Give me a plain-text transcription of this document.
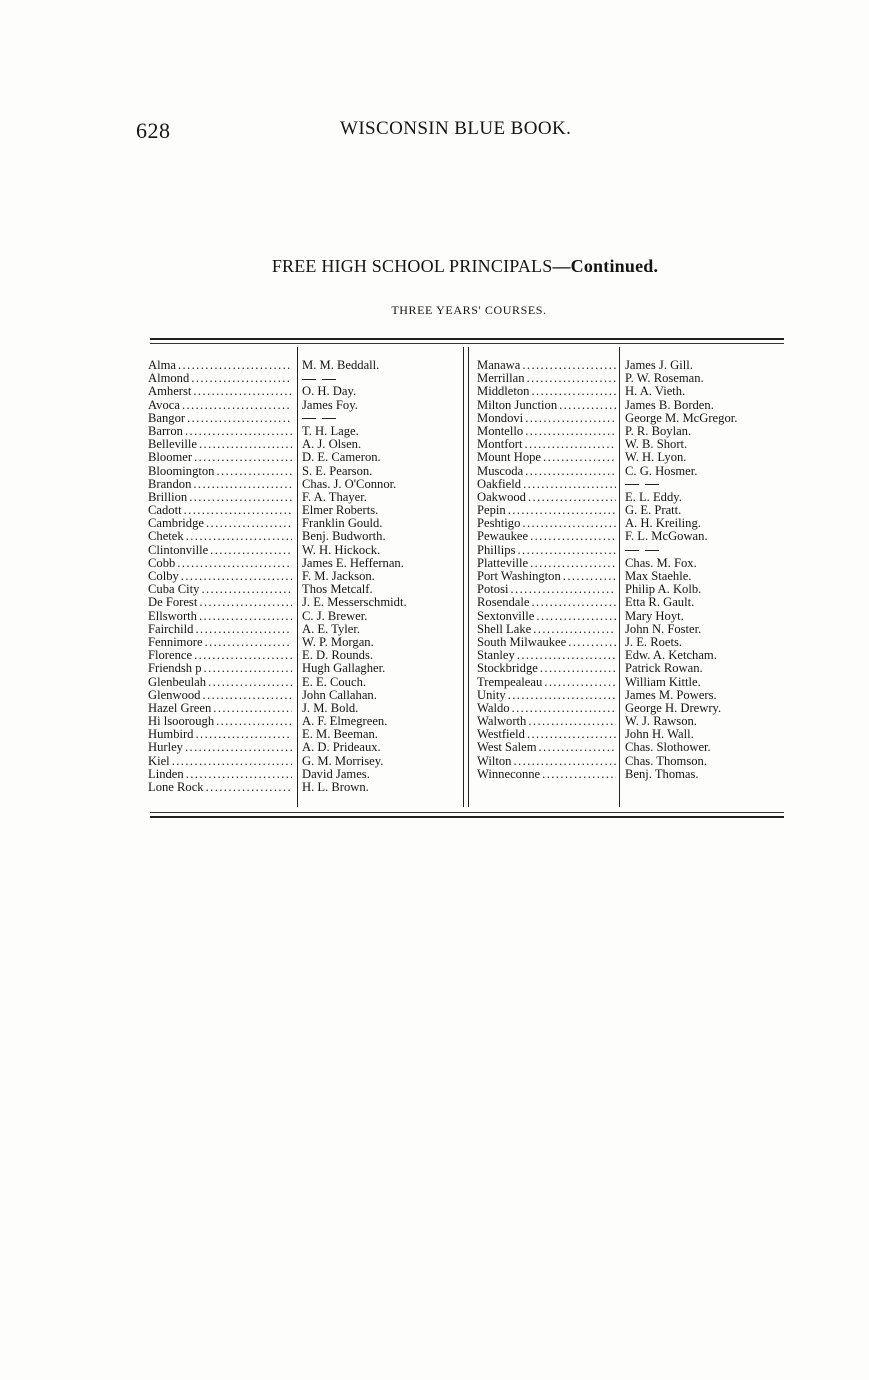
628	WISCONSIN BLUE BOOK.
FREE HIGH SCHOOL PRINCIPALS—Continued.
THREE YEARS' COURSES.
Alma
.....
Almond
.....
Amherst
.....
Avoca
.....
Bangor
.....
Barron
.....
Belleville
.....
Bloomer
.....
Bloomington
.....
Brandon
.....
Brillion
.....
Cadott
.....
Cambridge
.....
Chetek
.....
Clintonville
.....
Cobb
.....
Colby
.....
Cuba City
.....
De Forest
.....
Ellsworth
.....
Fairchild
.....
Fennimore
.....
Florence
.....
Friendsh p
.....
Glenbeulah
.....
Glenwood
.....
Hazel Green
.....
Hi lsoorough
.....
Humbird
.....
Hurley
.....
Kiel
.....
Linden
.....
Lone Rock
.....
M. M. Beddall.
O. H. Day.
James Foy.
T. H. Lage.
A. J. Olsen.
D. E. Cameron.
S. E. Pearson.
Chas. J. O'Connor.
F. A. Thayer.
Elmer Roberts.
Franklin Gould.
Benj. Budworth.
W. H. Hickock.
James E. Heffernan.
F. M. Jackson.
Thos Metcalf.
J. E. Messerschmidt.
C. J. Brewer.
A. E. Tyler.
W. P. Morgan.
E. D. Rounds.
Hugh Gallagher.
E. E. Couch.
John Callahan.
J. M. Bold.
A. F. Elmegreen.
E. M. Beeman.
A. D. Prideaux.
G. M. Morrisey.
David James.
H. L. Brown.
Manawa
.....
Merrillan
.....
Middleton
.....
Milton Junction
.....
Mondovi
.....
Montello
.....
Montfort
.....
Mount Hope
.....
Muscoda
.....
Oakfield
.....
Oakwood
.....
Pepin
.....
Peshtigo
.....
Pewaukee
.....
Phillips
.....
Platteville
.....
Port Washington
.....
Potosi
.....
Rosendale
.....
Sextonville
.....
Shell Lake
.....
South Milwaukee
.....
Stanley
.....
Stockbridge
.....
Trempealeau
.....
Unity
.....
Waldo
.....
Walworth
.....
Westfield
.....
West Salem
.....
Wilton
.....
Winneconne
.....
James J. Gill.
P. W. Roseman.
H. A. Vieth.
James B. Borden.
George M. McGregor.
P. R. Boylan.
W. B. Short.
W. H. Lyon.
C. G. Hosmer.
E. L. Eddy.
G. E. Pratt.
A. H. Kreiling.
F. L. McGowan.
Chas. M. Fox.
Max Staehle.
Philip A. Kolb.
Etta R. Gault.
Mary Hoyt.
John N. Foster.
J. E. Roets.
Edw. A. Ketcham.
Patrick Rowan.
William Kittle.
James M. Powers.
George H. Drewry.
W. J. Rawson.
John H. Wall.
Chas. Slothower.
Chas. Thomson.
Benj. Thomas.
